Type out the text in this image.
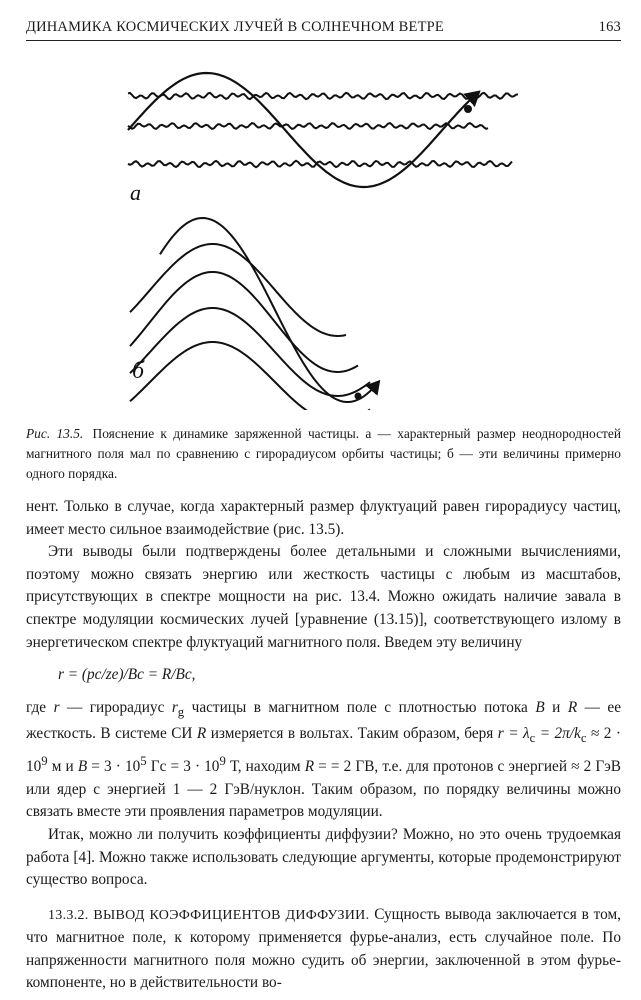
ДИНАМИКА КОСМИЧЕСКИХ ЛУЧЕЙ В СОЛНЕЧНОМ ВЕТРЕ	163
а
б
Рис. 13.5. Пояснение к динамике заряженной частицы. а — характерный размер неоднородностей магнитного поля мал по сравнению с гирорадиусом орбиты частицы; б — эти величины примерно одного порядка.

нент. Только в случае, когда характерный размер флуктуаций равен гирорадиусу частиц, имеет место сильное взаимодействие (рис. 13.5).

Эти выводы были подтверждены более детальными и сложными вычислениями, поэтому можно связать энергию или жесткость частицы с любым из масштабов, присутствующих в спектре мощности на рис. 13.4. Можно ожидать наличие завала в спектре модуляции космических лучей [уравнение (13.15)], соответствующего излому в энергетическом спектре флуктуаций магнитного поля. Введем эту величину

r = (pc/ze)/Bc = R/Bc,

где r — гирорадиус $r_g$ частицы в магнитном поле с плотностью потока B и R — ее жесткость. В системе СИ R измеряется в вольтах. Таким образом, беря $r = \lambda_c = 2\pi/k_c \approx 2 \cdot 10^9$ м и $B = 3 \cdot 10^5$ Гс = $3 \cdot 10^9$ Т, находим R = = 2 ГВ, т.е. для протонов с энергией ≈ 2 ГэВ или ядер с энергией 1 — 2 ГэВ/нуклон. Таким образом, по порядку величины можно связать вместе эти проявления параметров модуляции.

Итак, можно ли получить коэффициенты диффузии? Можно, но это очень трудоемкая работа [4]. Можно также использовать следующие аргументы, которые продемонстрируют существо вопроса.

13.3.2. ВЫВОД КОЭФФИЦИЕНТОВ ДИФФУЗИИ. Сущность вывода заключается в том, что магнитное поле, к которому применяется фурье-анализ, есть случайное поле. По напряженности магнитного поля можно судить об энергии, заключенной в этом фурье-компоненте, но в действительности во-
